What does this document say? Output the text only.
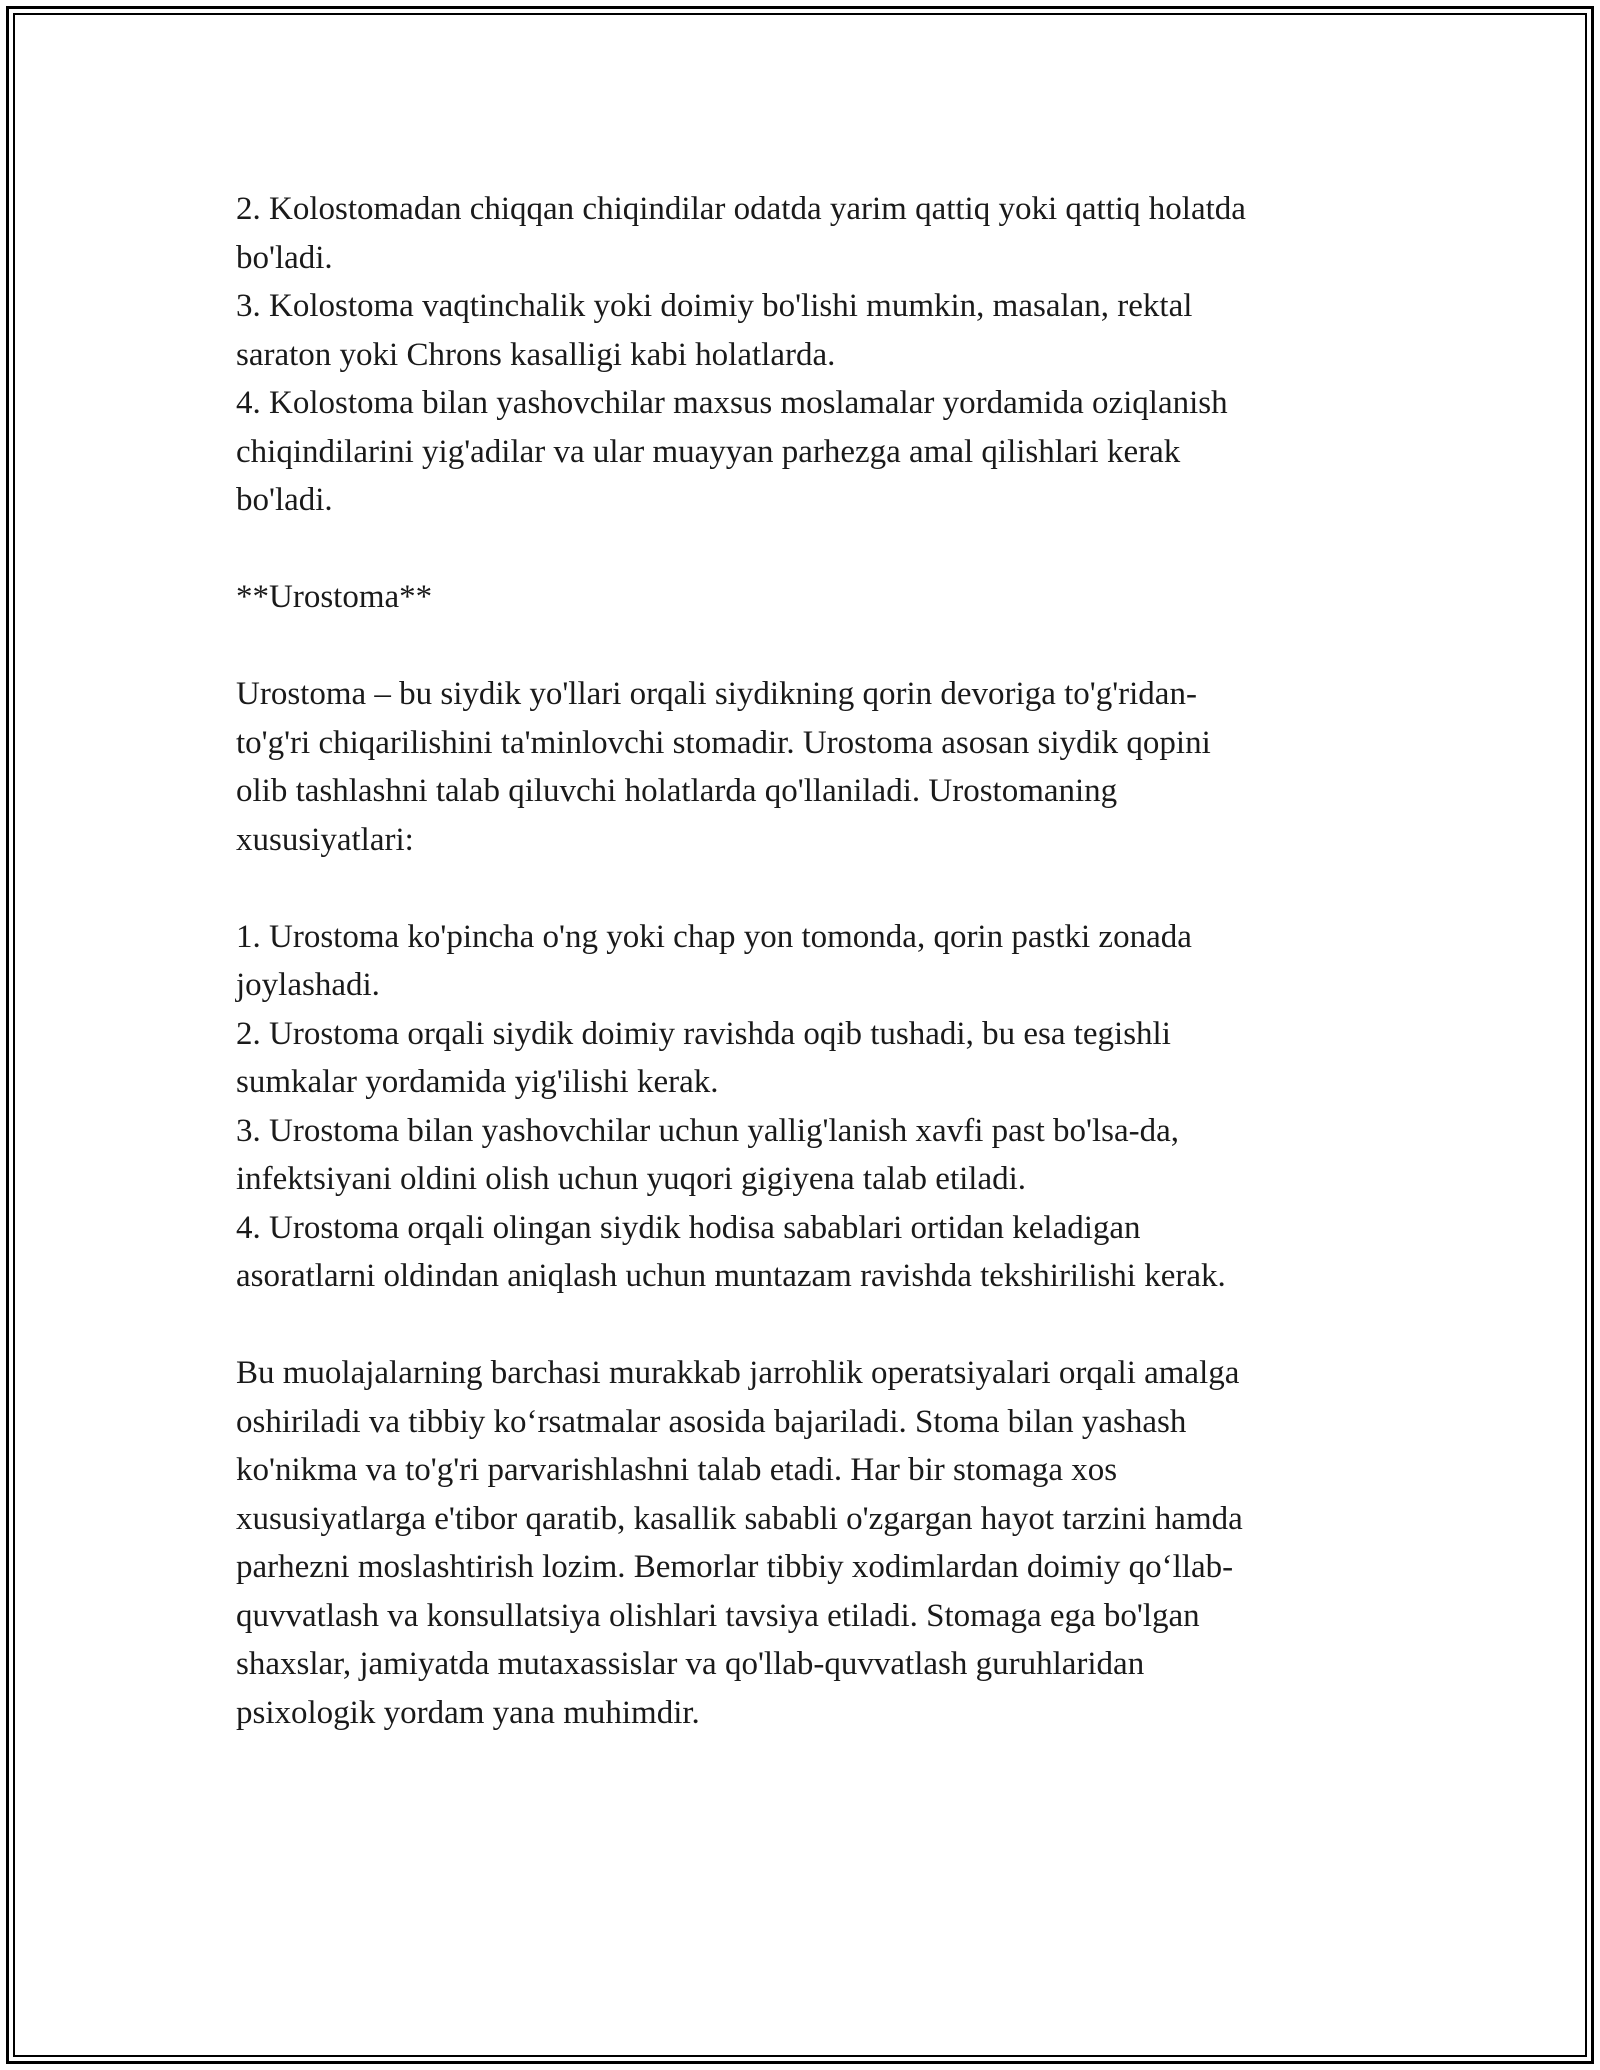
2. Kolostomadan chiqqan chiqindilar odatda yarim qattiq yoki qattiq holatda
bo'ladi.

3. Kolostoma vaqtinchalik yoki doimiy bo'lishi mumkin, masalan, rektal
saraton yoki Chrons kasalligi kabi holatlarda.

4. Kolostoma bilan yashovchilar maxsus moslamalar yordamida oziqlanish
chiqindilarini yig'adilar va ular muayyan parhezga amal qilishlari kerak
bo'ladi.

**Urostoma**

Urostoma – bu siydik yo'llari orqali siydikning qorin devoriga to'g'ridan-
to'g'ri chiqarilishini ta'minlovchi stomadir. Urostoma asosan siydik qopini
olib tashlashni talab qiluvchi holatlarda qo'llaniladi. Urostomaning
xususiyatlari:

1. Urostoma ko'pincha o'ng yoki chap yon tomonda, qorin pastki zonada
joylashadi.

2. Urostoma orqali siydik doimiy ravishda oqib tushadi, bu esa tegishli
sumkalar yordamida yig'ilishi kerak.

3. Urostoma bilan yashovchilar uchun yallig'lanish xavfi past bo'lsa-da,
infektsiyani oldini olish uchun yuqori gigiyena talab etiladi.

4. Urostoma orqali olingan siydik hodisa sabablari ortidan keladigan
asoratlarni oldindan aniqlash uchun muntazam ravishda tekshirilishi kerak.

Bu muolajalarning barchasi murakkab jarrohlik operatsiyalari orqali amalga
oshiriladi va tibbiy ko‘rsatmalar asosida bajariladi. Stoma bilan yashash
ko'nikma va to'g'ri parvarishlashni talab etadi. Har bir stomaga xos
xususiyatlarga e'tibor qaratib, kasallik sababli o'zgargan hayot tarzini hamda
parhezni moslashtirish lozim. Bemorlar tibbiy xodimlardan doimiy qo‘llab-
quvvatlash va konsullatsiya olishlari tavsiya etiladi. Stomaga ega bo'lgan
shaxslar, jamiyatda mutaxassislar va qo'llab-quvvatlash guruhlaridan
psixologik yordam yana muhimdir.
